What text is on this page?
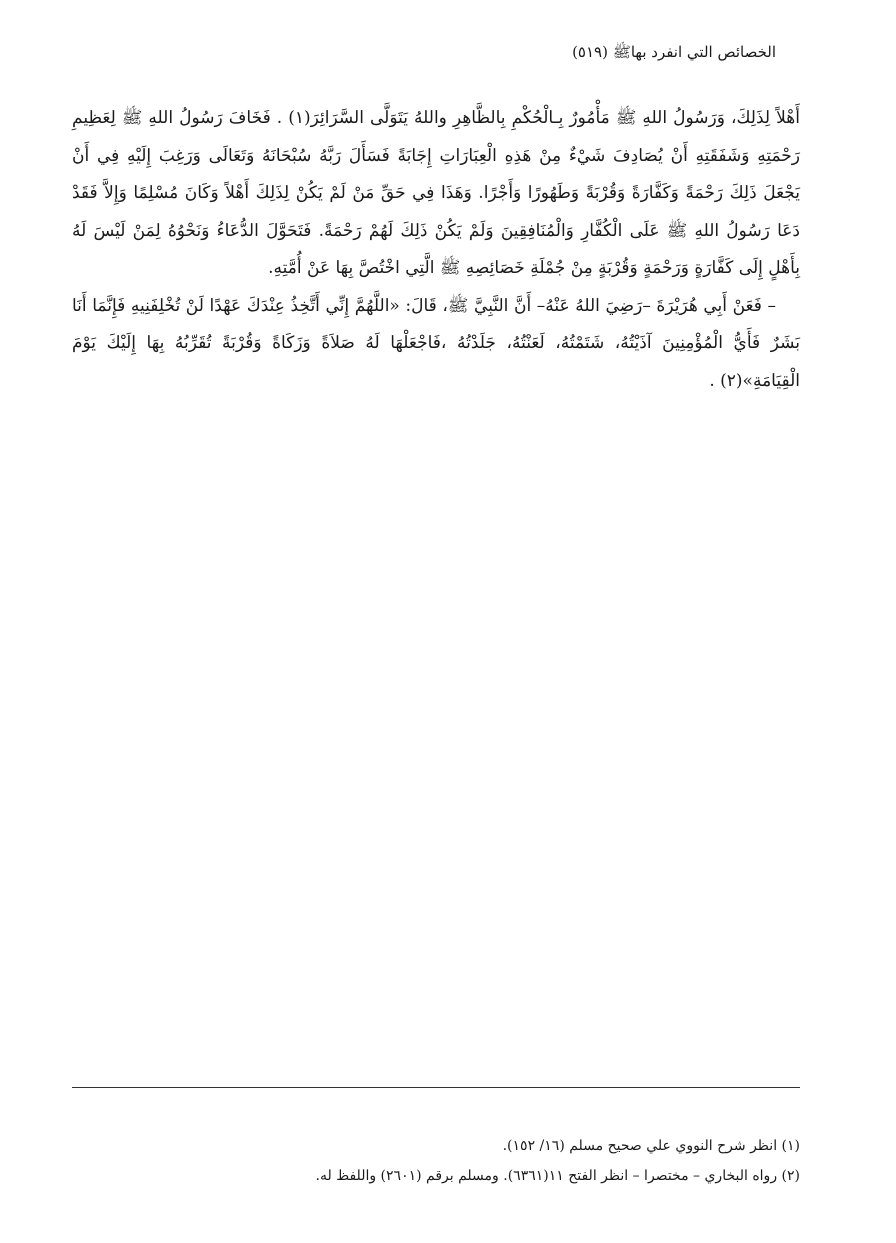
الخصائص التي انفرد بهاﷺ (٥١٩)

أَهْلاً لِذَلِكَ، وَرَسُولُ اللهِ ﷺ مَأْمُورٌ بِـالْحُكْمِ بِالظَّاهِرِ واللهُ يَتَوَلَّى السَّرَائِرَ(١) . فَخَافَ رَسُولُ اللهِ ﷺ لِعَظِيمِ رَحْمَتِهِ وَشَفَقَتِهِ أَنْ يُصَادِفَ شَيْءٌ مِنْ هَذِهِ الْعِبَارَاتِ إِجَابَةً فَسَأَلَ رَبَّهُ سُبْحَانَهُ وَتَعَالَى وَرَغِبَ إِلَيْهِ فِي أَنْ يَجْعَلَ ذَلِكَ رَحْمَةً وَكَفَّارَةً وَقُرْبَةً وَطَهُورًا وَأَجْرًا. وَهَذَا فِي حَقِّ مَنْ لَمْ يَكُنْ لِذَلِكَ أَهْلاً وَكَانَ مُسْلِمًا وَإِلاَّ فَقَدْ دَعَا رَسُولُ اللهِ ﷺ عَلَى الْكُفَّارِ وَالْمُنَافِقِينَ وَلَمْ يَكُنْ ذَلِكَ لَهُمْ رَحْمَةً. فَتَحَوَّلَ الدُّعَاءُ وَنَحْوُهُ لِمَنْ لَيْسَ لَهُ بِأَهْلٍ إِلَى كَفَّارَةٍ وَرَحْمَةٍ وَقُرْبَةٍ مِنْ جُمْلَةِ خَصَائِصِهِ ﷺ الَّتِي اخْتُصَّ بِهَا عَنْ أُمَّتِهِ.

– فَعَنْ أَبِي هُرَيْرَةَ –رَضِيَ اللهُ عَنْهُ– أَنَّ النَّبِيَّ ﷺ، قَالَ: «اللَّهُمَّ إِنِّي أَتَّخِذُ عِنْدَكَ عَهْدًا لَنْ تُخْلِفَنِيهِ فَإِنَّمَا أَنَا بَشَرٌ فَأَيُّ الْمُؤْمِنِينَ آذَيْتُهُ، شَتَمْتُهُ، لَعَنْتُهُ، جَلَدْتُهُ ،فَاجْعَلْهَا لَهُ صَلاَةً وَزَكَاةً وَقُرْبَةً تُقَرِّبُهُ بِهَا إِلَيْكَ يَوْمَ الْقِيَامَةِ»(٢) .

(١) انظر شرح النووي علي صحيح مسلم (١٦/ ١٥٢).

(٢) رواه البخاري – مختصرا – انظر الفتح ١١(٦٣٦١). ومسلم برقم (٢٦٠١) واللفظ له.
